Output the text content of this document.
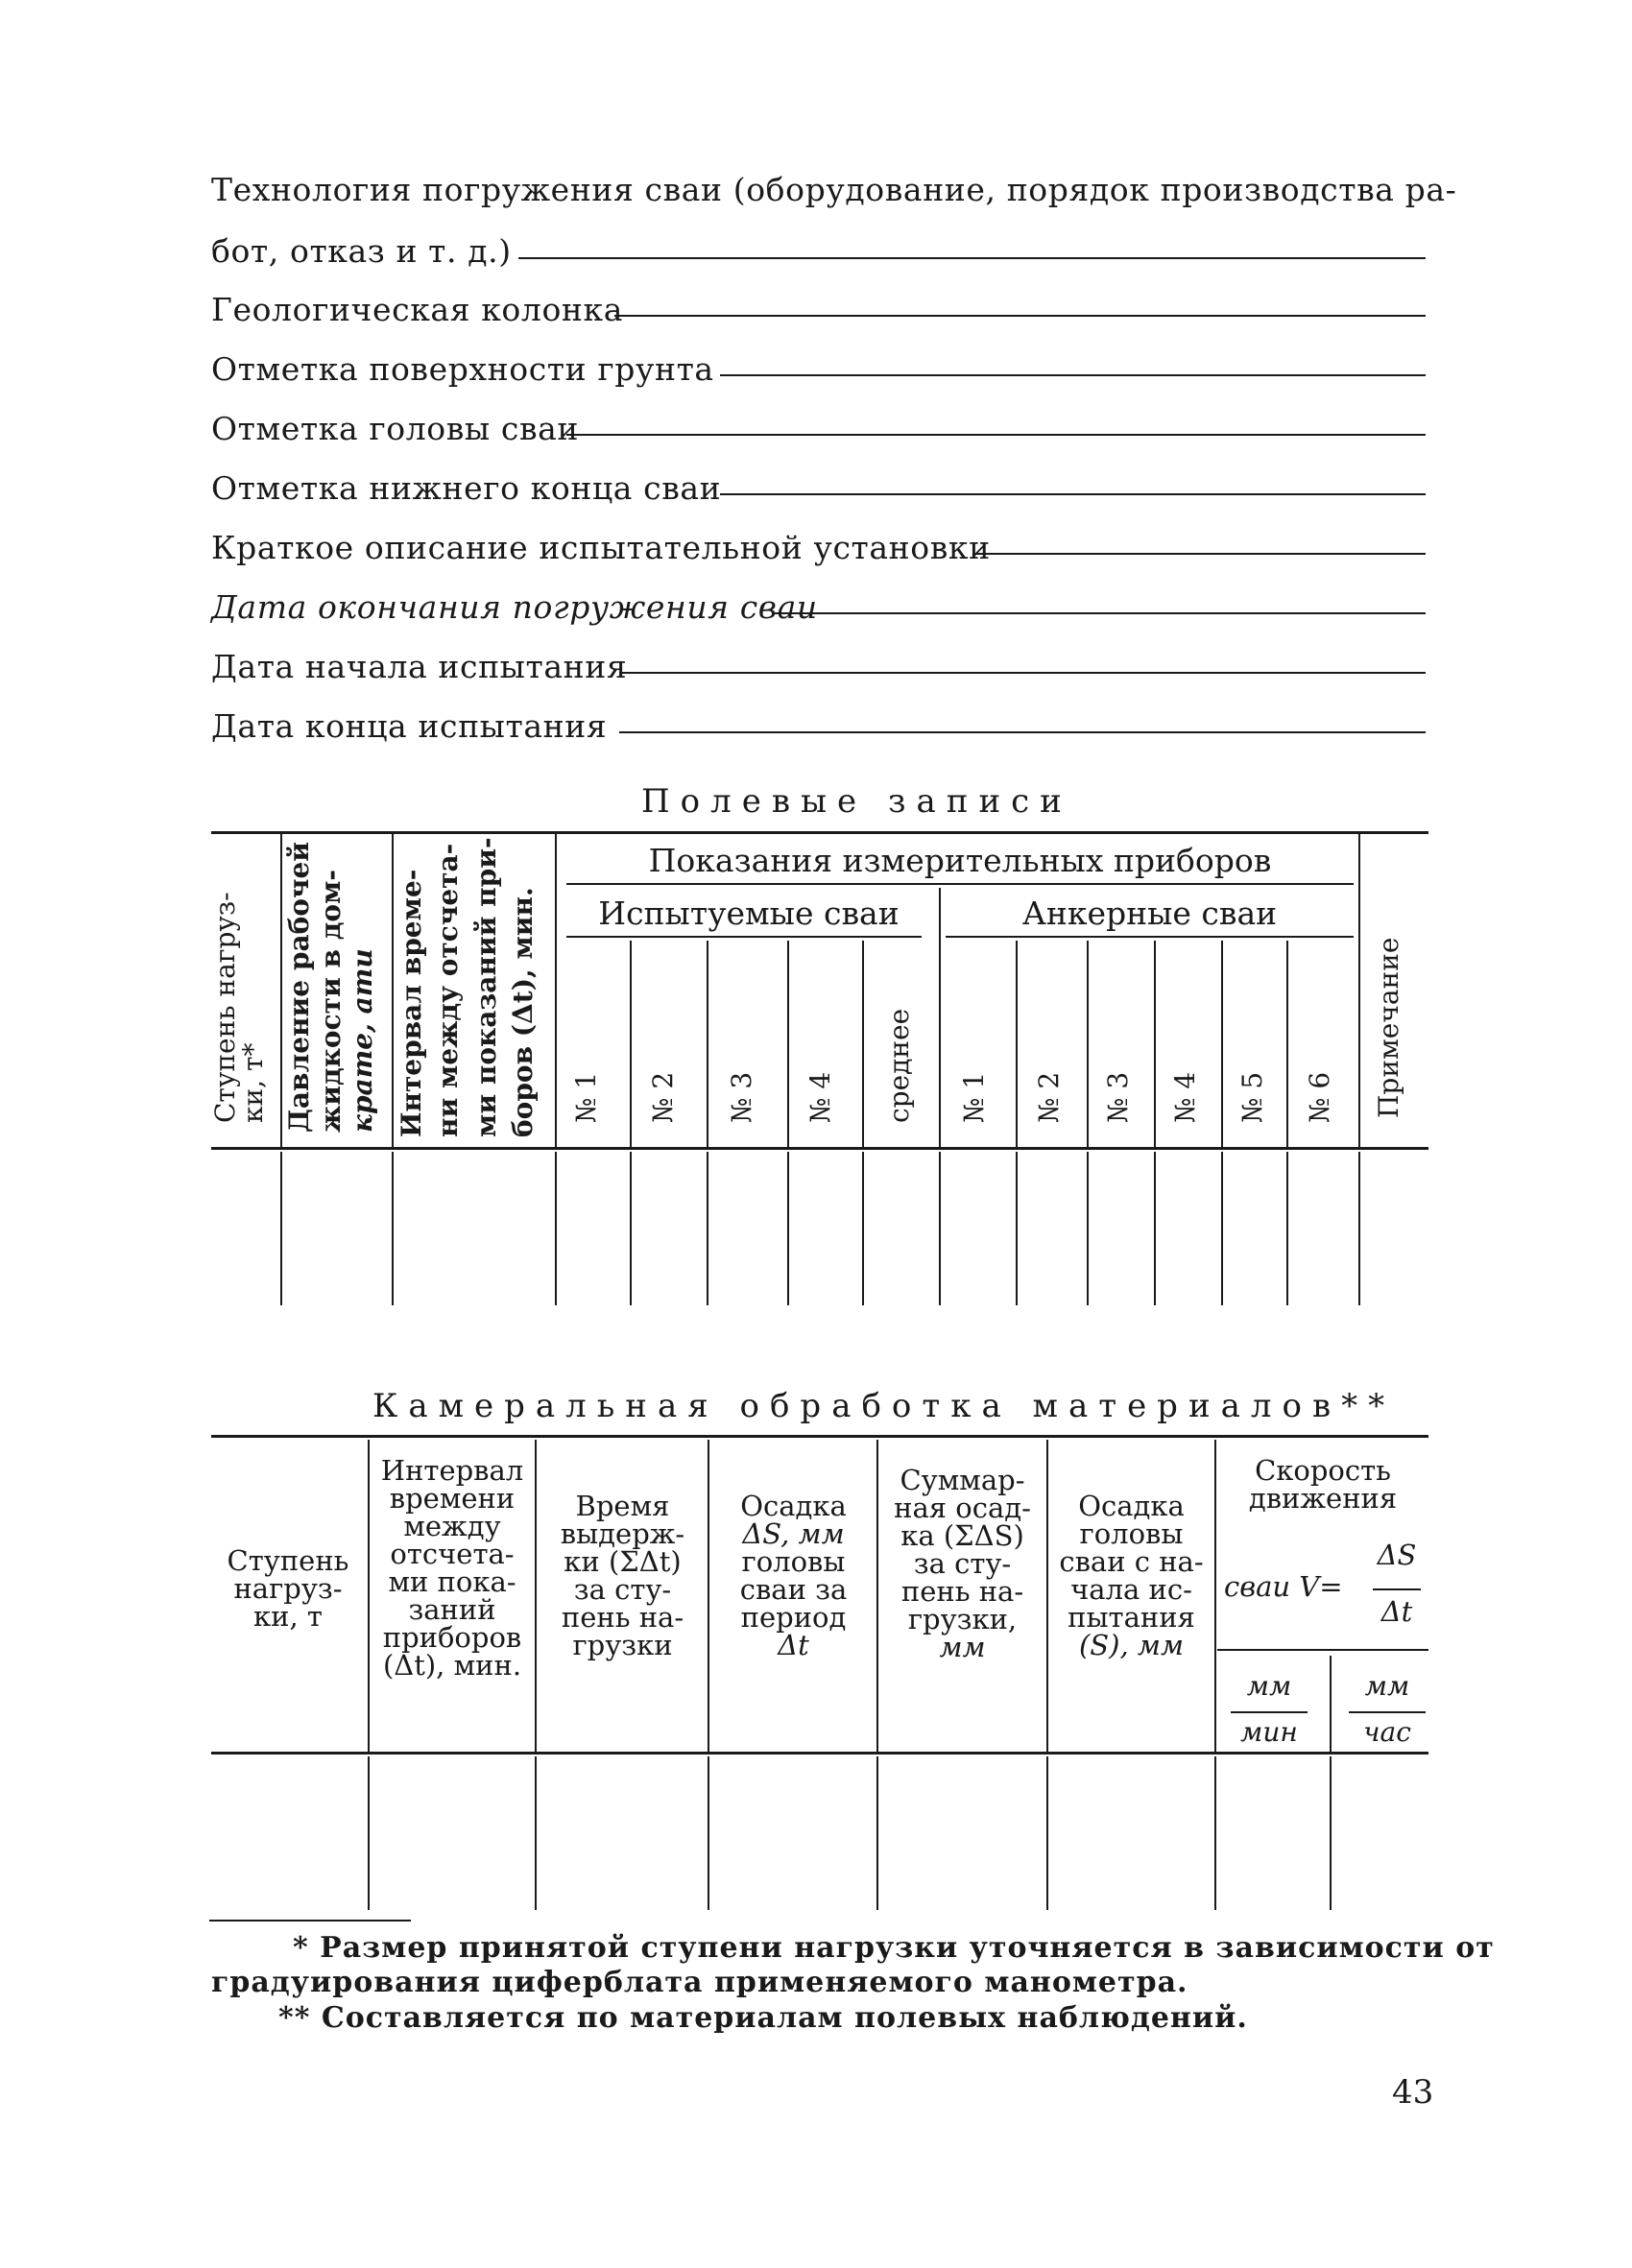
Технология погружения сваи (оборудование, порядок производства ра-
бот, отказ и т. д.)
Геологическая колонка
Отметка поверхности грунта
Отметка головы сваи
Отметка нижнего конца сваи
Краткое описание испытательной установки
Дата окончания погружения сваи
Дата начала испытания
Дата конца испытания
Полевые записи
Ступень нагруз-
ки, т* Давление рабочей жидкости в дом- крате, ати Интервал време- ни между отсчета- ми показаний при- боров (Δt), мин.
Показания измерительных приборов
Испытуемые сваи	Анкерные сваи
№ 1 № 2 № 3 № 4 среднее № 1 № 2 № 3 № 4 № 5 № 6 Примечание
Камеральная обработка материалов**
Ступень
нагруз-
ки, т
Интервал
времени
между
отсчета-
ми пока-
заний
приборов
(Δt), мин.
Время
выдерж-
ки (ΣΔt)
за сту-
пень на-
грузки
Осадка
ΔS, мм
головы
сваи за
период
Δt
Суммар-
ная осад-
ка (ΣΔS)
за сту-
пень на-
грузки,
мм
Осадка
головы
сваи с на-
чала ис-
пытания
(S), мм
Скорость
движения
сваи V=
ΔS
Δt
мм
мин
мм
час
* Размер принятой ступени нагрузки уточняется в зависимости от
градуирования циферблата применяемого манометра.
** Составляется по материалам полевых наблюдений.
43
